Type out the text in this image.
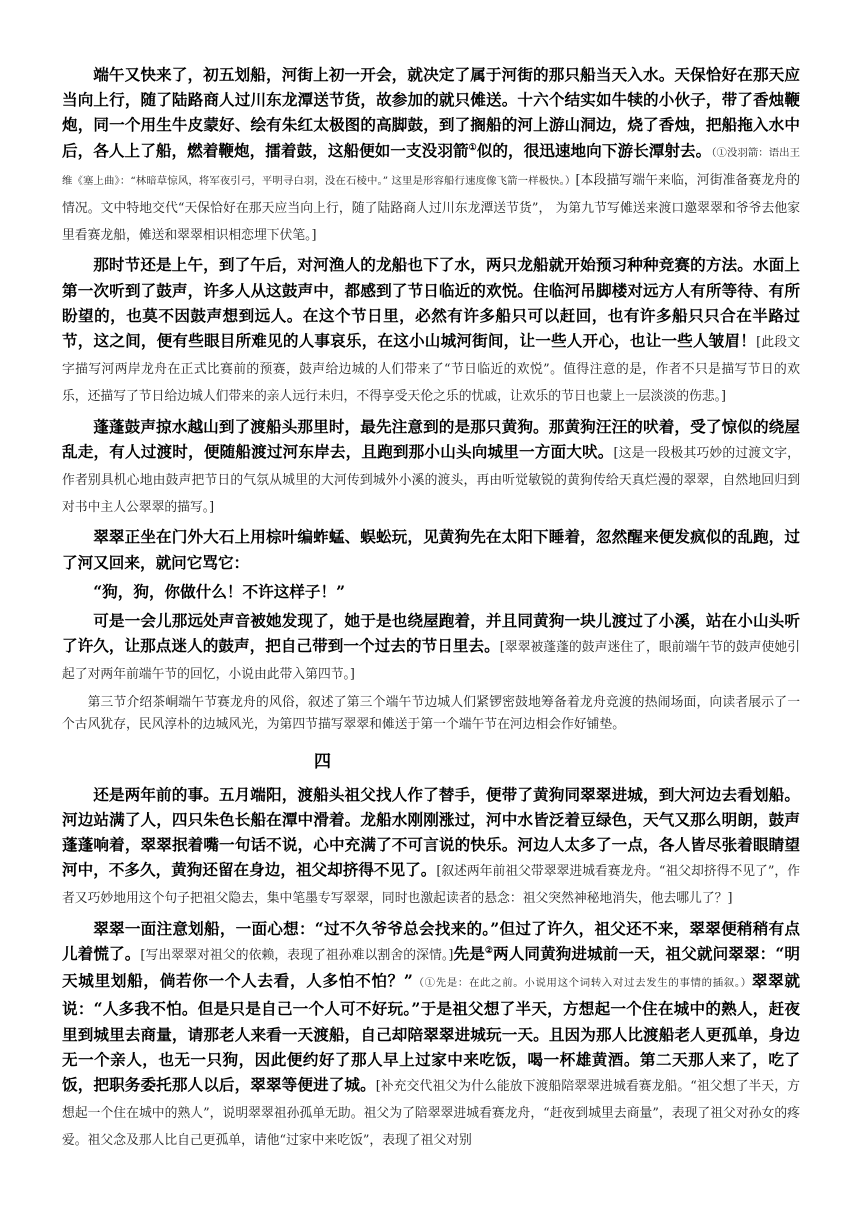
端午又快来了，初五划船，河街上初一开会，就决定了属于河街的那只船当天入水。天保恰好在那天应当向上行，随了陆路商人过川东龙潭送节货，故参加的就只傩送。十六个结实如牛犊的小伙子，带了香烛鞭炮，同一个用生牛皮蒙好、绘有朱红太极图的高脚鼓，到了搁船的河上游山洞边，烧了香烛，把船拖入水中后，各人上了船，燃着鞭炮，擂着鼓，这船便如一支没羽箭①似的，很迅速地向下游长潭射去。（①没羽箭：语出王维《塞上曲》：“林暗草惊风，将军夜引弓，平明寻白羽，没在石棱中。” 这里是形容船行速度像飞箭一样极快。）[本段描写端午来临，河街准备赛龙舟的情况。文中特地交代“天保恰好在那天应当向上行，随了陆路商人过川东龙潭送节货”， 为第九节写傩送来渡口邀翠翠和爷爷去他家里看赛龙船，傩送和翠翠相识相恋埋下伏笔。]

那时节还是上午，到了午后，对河渔人的龙船也下了水，两只龙船就开始预习种种竞赛的方法。水面上第一次听到了鼓声，许多人从这鼓声中，都感到了节日临近的欢悦。住临河吊脚楼对远方人有所等待、有所盼望的，也莫不因鼓声想到远人。在这个节日里，必然有许多船只可以赶回，也有许多船只只合在半路过节，这之间，便有些眼目所难见的人事哀乐，在这小山城河街间，让一些人开心，也让一些人皱眉！[此段文字描写河两岸龙舟在正式比赛前的预赛，鼓声给边城的人们带来了“节日临近的欢悦”。值得注意的是，作者不只是描写节日的欢乐，还描写了节日给边城人们带来的亲人远行未归，不得享受天伦之乐的忧戚，让欢乐的节日也蒙上一层淡淡的伤悲。]

蓬蓬鼓声掠水越山到了渡船头那里时，最先注意到的是那只黄狗。那黄狗汪汪的吠着，受了惊似的绕屋乱走，有人过渡时，便随船渡过河东岸去，且跑到那小山头向城里一方面大吠。[这是一段极其巧妙的过渡文字，作者别具机心地由鼓声把节日的气氛从城里的大河传到城外小溪的渡头，再由听觉敏锐的黄狗传给天真烂漫的翠翠，自然地回归到对书中主人公翠翠的描写。]

翠翠正坐在门外大石上用棕叶编蚱蜢、蜈蚣玩，见黄狗先在太阳下睡着，忽然醒来便发疯似的乱跑，过了河又回来，就问它骂它：

“狗，狗，你做什么！不许这样子！”

可是一会儿那远处声音被她发现了，她于是也绕屋跑着，并且同黄狗一块儿渡过了小溪，站在小山头听了许久，让那点迷人的鼓声，把自己带到一个过去的节日里去。[翠翠被蓬蓬的鼓声迷住了，眼前端午节的鼓声使她引起了对两年前端午节的回忆，小说由此带入第四节。]

第三节介绍茶峒端午节赛龙舟的风俗，叙述了第三个端午节边城人们紧锣密鼓地筹备着龙舟竞渡的热闹场面，向读者展示了一个古风犹存，民风淳朴的边城风光，为第四节描写翠翠和傩送于第一个端午节在河边相会作好铺垫。

四

还是两年前的事。五月端阳，渡船头祖父找人作了替手，便带了黄狗同翠翠进城，到大河边去看划船。河边站满了人，四只朱色长船在潭中滑着。龙船水刚刚涨过，河中水皆泛着豆绿色，天气又那么明朗，鼓声蓬蓬响着，翠翠抿着嘴一句话不说，心中充满了不可言说的快乐。河边人太多了一点，各人皆尽张着眼睛望河中，不多久，黄狗还留在身边，祖父却挤得不见了。[叙述两年前祖父带翠翠进城看赛龙舟。“祖父却挤得不见了”，作者又巧妙地用这个句子把祖父隐去，集中笔墨专写翠翠，同时也激起读者的悬念：祖父突然神秘地消失，他去哪儿了？]

翠翠一面注意划船，一面心想：“过不久爷爷总会找来的。”但过了许久，祖父还不来，翠翠便稍稍有点儿着慌了。[写出翠翠对祖父的依赖，表现了祖孙难以割舍的深情。]先是②两人同黄狗进城前一天，祖父就问翠翠：“明天城里划船，倘若你一个人去看，人多怕不怕？”（①先是：在此之前。小说用这个词转入对过去发生的事情的插叙。）翠翠就说：“人多我不怕。但是只是自己一个人可不好玩。”于是祖父想了半天，方想起一个住在城中的熟人，赶夜里到城里去商量，请那老人来看一天渡船，自己却陪翠翠进城玩一天。且因为那人比渡船老人更孤单，身边无一个亲人，也无一只狗，因此便约好了那人早上过家中来吃饭，喝一杯雄黄酒。第二天那人来了，吃了饭，把职务委托那人以后，翠翠等便进了城。[补充交代祖父为什么能放下渡船陪翠翠进城看赛龙船。“祖父想了半天，方想起一个住在城中的熟人”，说明翠翠祖孙孤单无助。祖父为了陪翠翠进城看赛龙舟，“赶夜到城里去商量”，表现了祖父对孙女的疼爱。祖父念及那人比自己更孤单，请他“过家中来吃饭”，表现了祖父对别
